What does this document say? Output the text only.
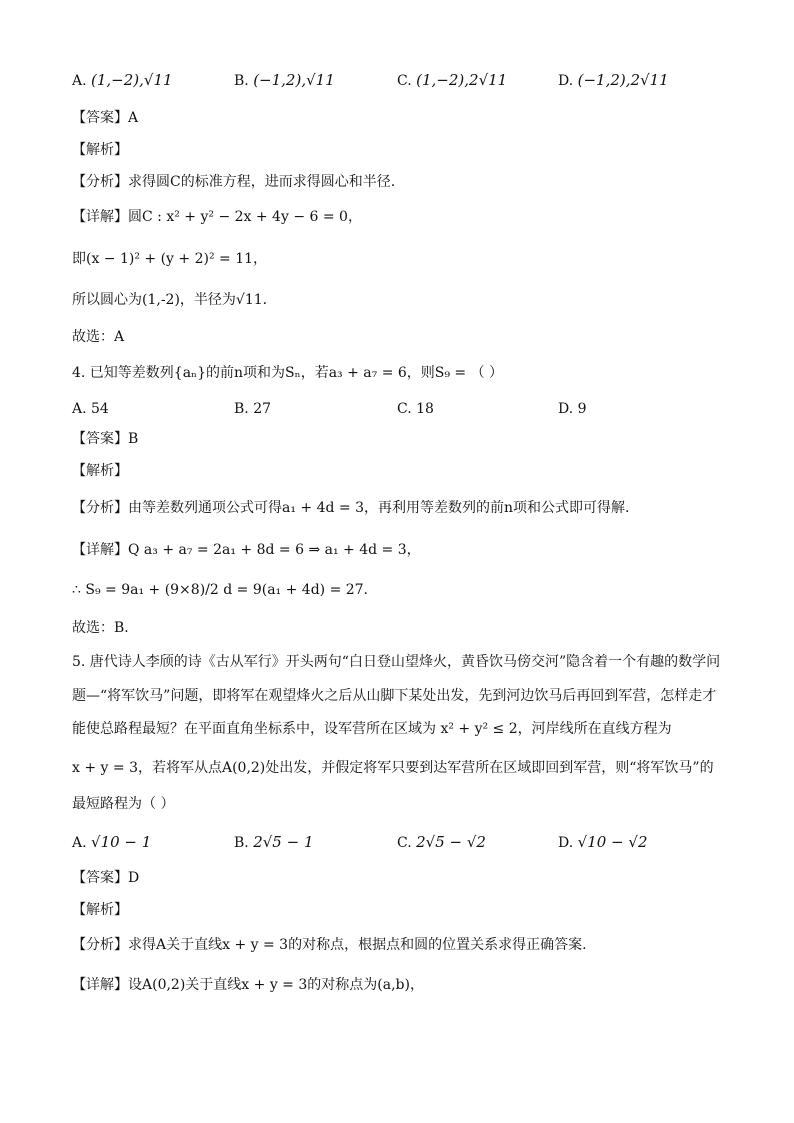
A. (1,−2),√11	B. (−1,2),√11	C. (1,−2),2√11	D. (−1,2),2√11
【答案】A
【解析】
【分析】求得圆C的标准方程，进而求得圆心和半径.
【详解】圆C : x² + y² − 2x + 4y − 6 = 0，
即(x − 1)² + (y + 2)² = 11，
所以圆心为(1,-2)，半径为√11.
故选：A
4. 已知等差数列{aₙ}的前n项和为Sₙ，若a₃ + a₇ = 6，则S₉ = （ ）
A. 54	B. 27	C. 18	D. 9
【答案】B
【解析】
【分析】由等差数列通项公式可得a₁ + 4d = 3，再利用等差数列的前n项和公式即可得解.
【详解】Q a₃ + a₇ = 2a₁ + 8d = 6 ⇒ a₁ + 4d = 3，
∴ S₉ = 9a₁ + (9×8)/2 d = 9(a₁ + 4d) = 27.
故选：B.
5. 唐代诗人李颀的诗《古从军行》开头两句“白日登山望烽火，黄昏饮马傍交河”隐含着一个有趣的数学问
题—“将军饮马”问题，即将军在观望烽火之后从山脚下某处出发，先到河边饮马后再回到军营，怎样走才
能使总路程最短？在平面直角坐标系中，设军营所在区域为 x² + y² ≤ 2，河岸线所在直线方程为
x + y = 3，若将军从点A(0,2)处出发，并假定将军只要到达军营所在区域即回到军营，则“将军饮马”的
最短路程为（ ）
A. √10 − 1	B. 2√5 − 1	C. 2√5 − √2	D. √10 − √2
【答案】D
【解析】
【分析】求得A关于直线x + y = 3的对称点，根据点和圆的位置关系求得正确答案.
【详解】设A(0,2)关于直线x + y = 3的对称点为(a,b)，
